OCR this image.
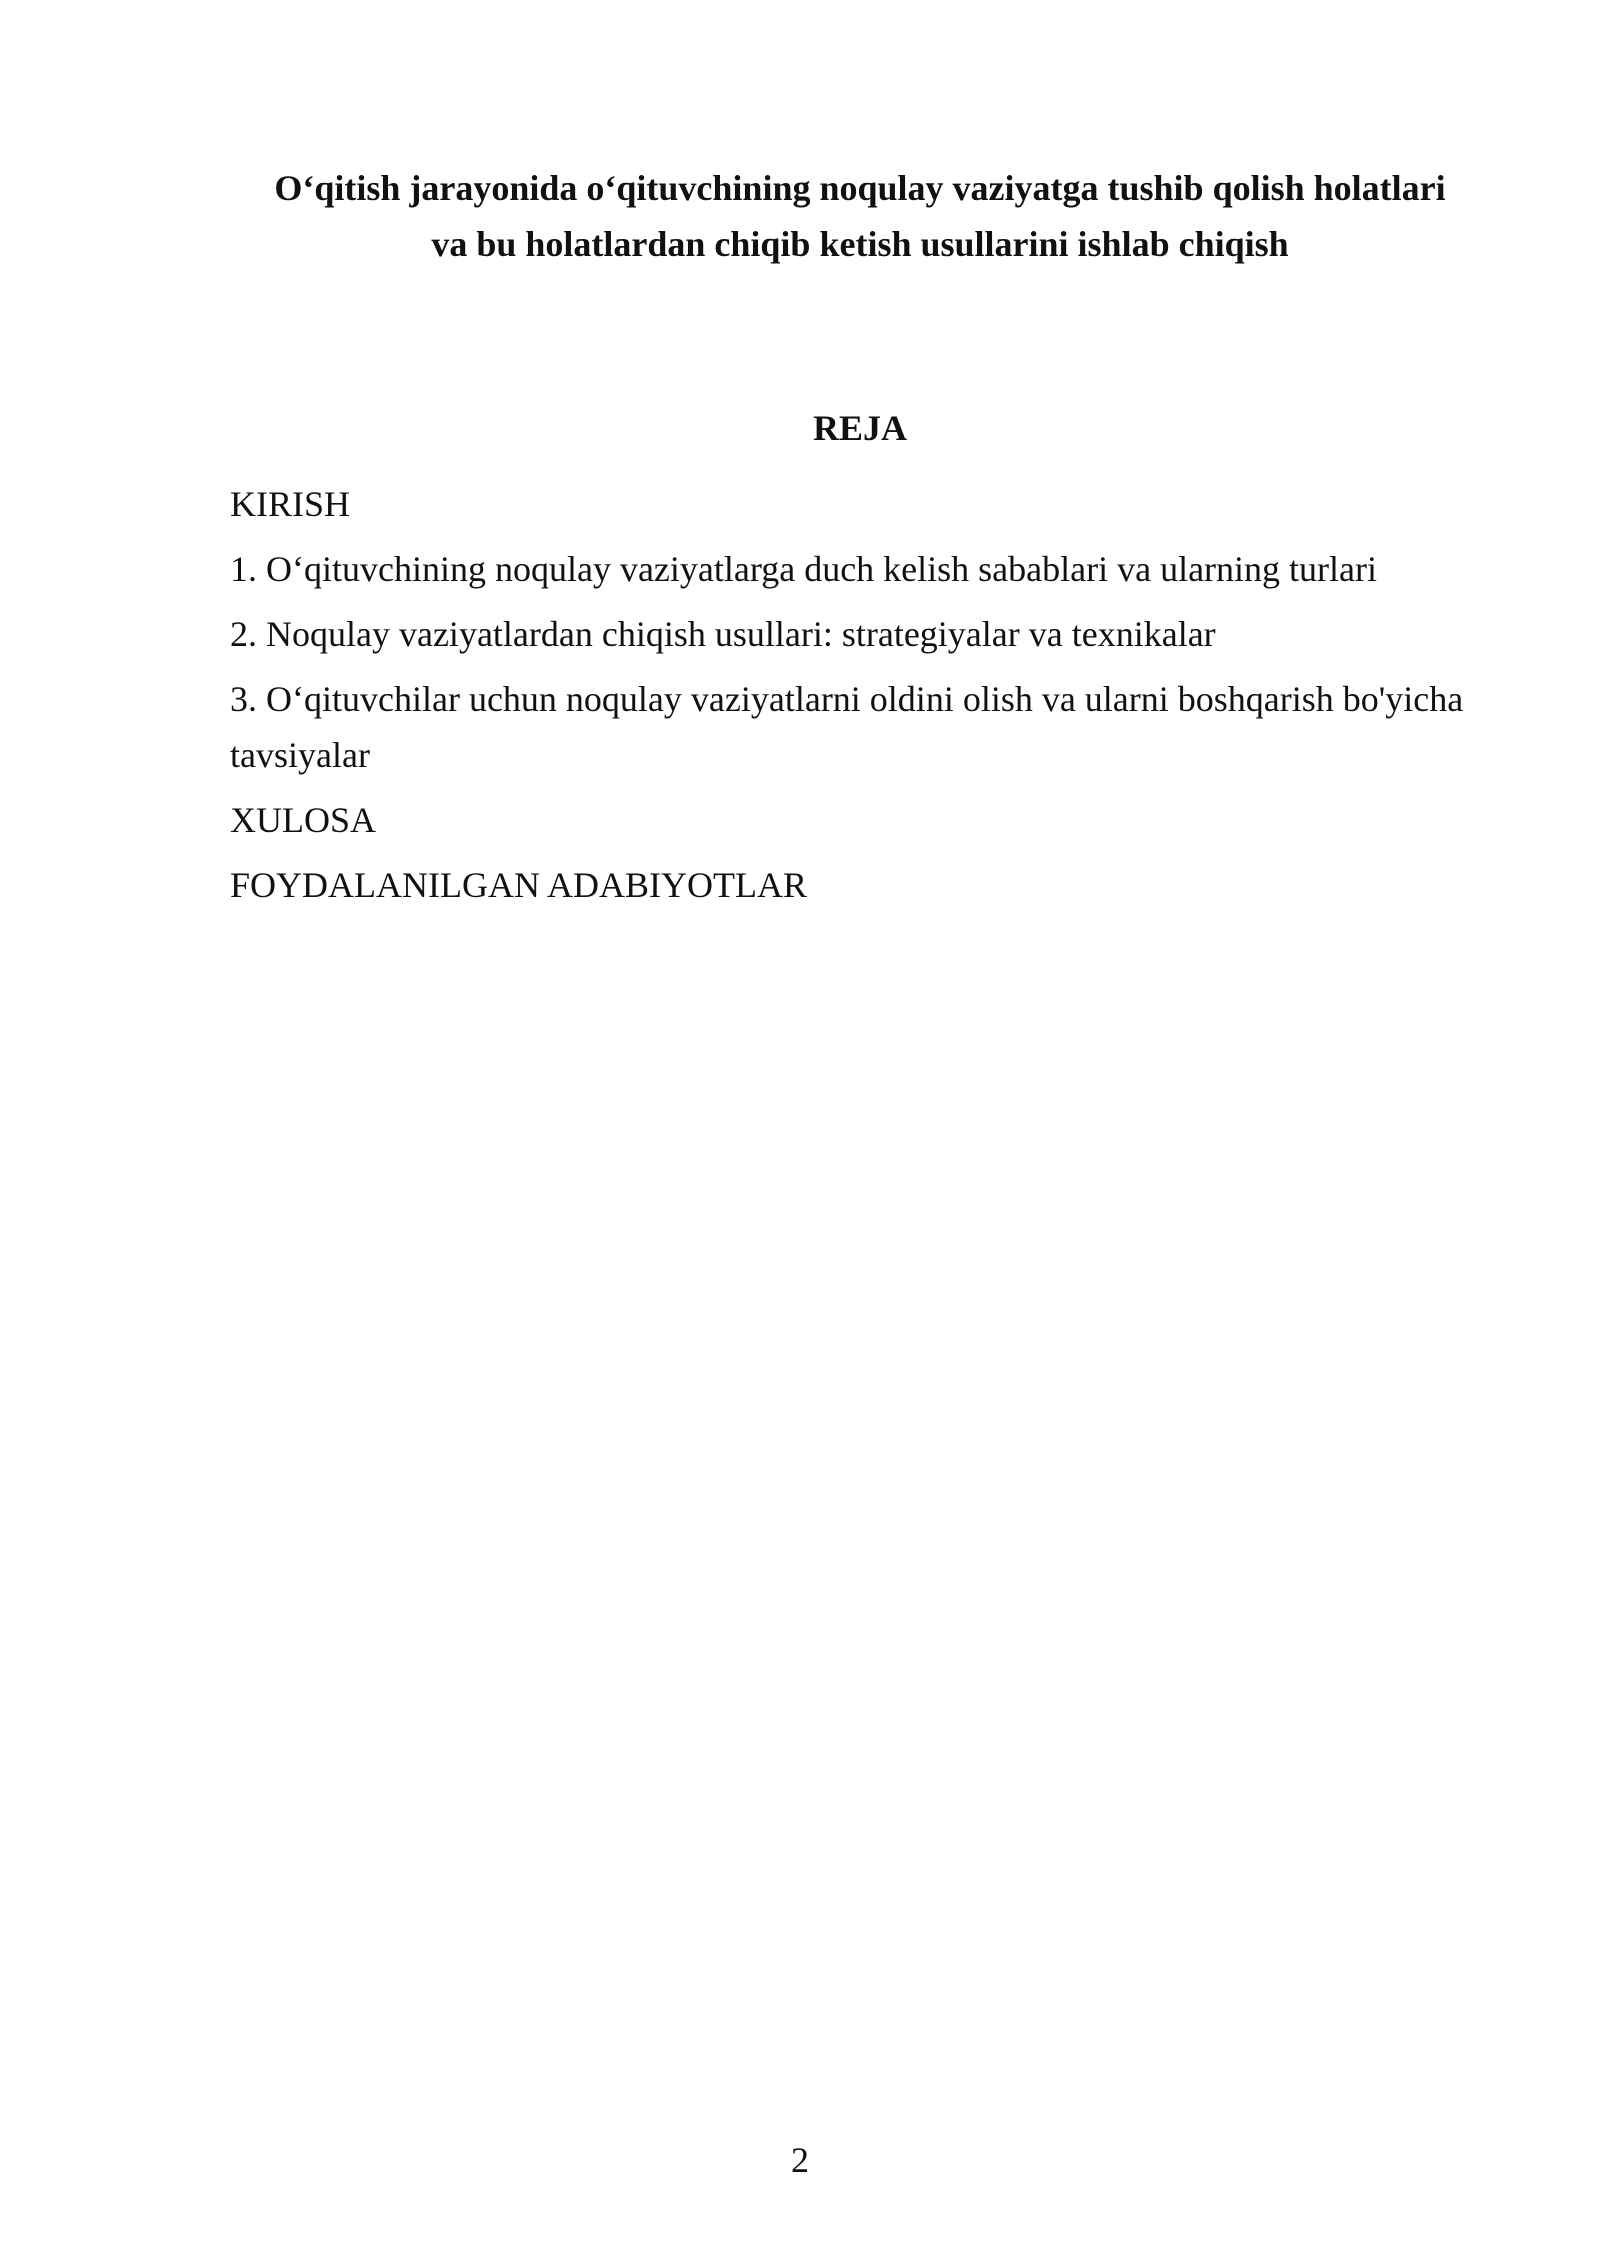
O‘qitish jarayonida o‘qituvchining noqulay vaziyatga tushib qolish holatlari
va bu holatlardan chiqib ketish usullarini ishlab chiqish
REJA
KIRISH
1. O‘qituvchining noqulay vaziyatlarga duch kelish sabablari va ularning turlari
2. Noqulay vaziyatlardan chiqish usullari: strategiyalar va texnikalar
3. O‘qituvchilar uchun noqulay vaziyatlarni oldini olish va ularni boshqarish bo'yicha tavsiyalar
XULOSA
FOYDALANILGAN ADABIYOTLAR
2
